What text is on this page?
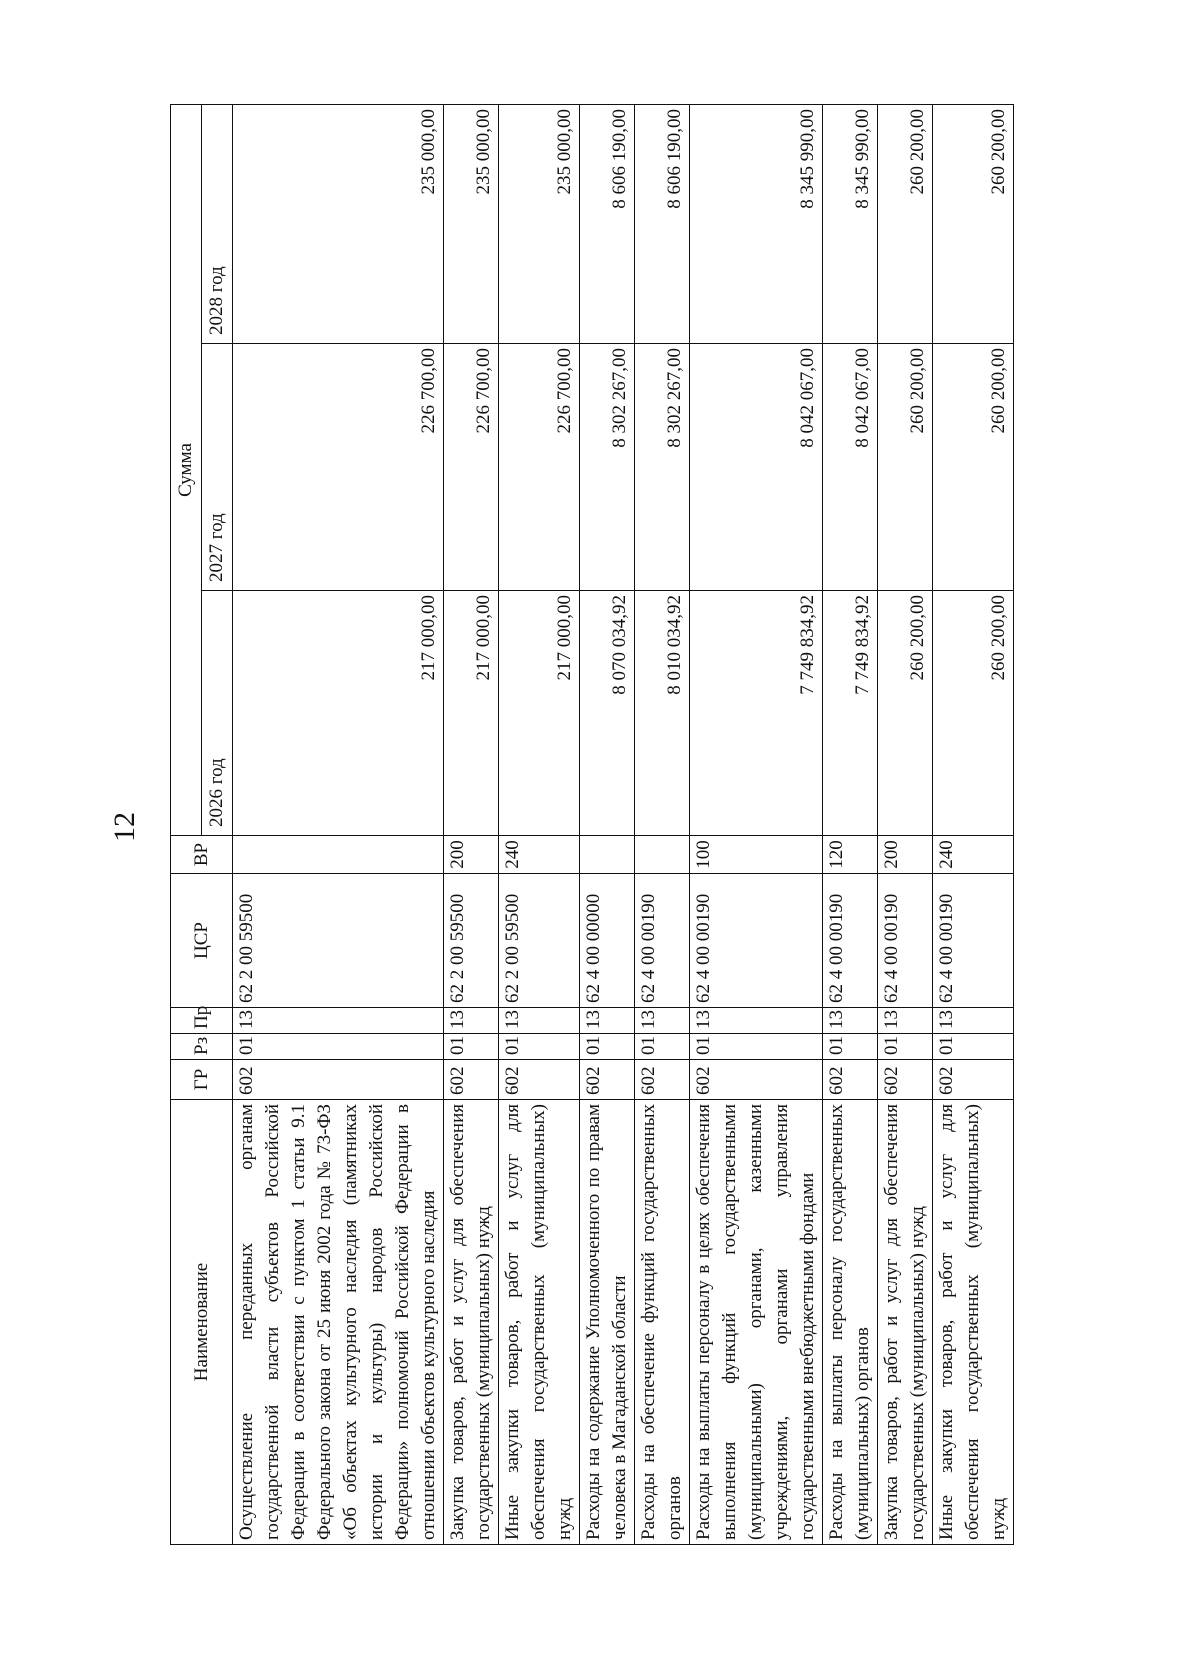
12
Наименование	ГР	Рз	Пр	ЦСР	ВР	Сумма		
						2026 год	2027 год	2028 год
Осуществление переданных органам государственной власти субъектов Российской Федерации в соответствии с пунктом 1 статьи 9.1 Федерального закона от 25 июня 2002 года № 73-ФЗ «Об объектах культурного наследия (памятниках истории и культуры) народов Российской Федерации» полномочий Российской Федерации в отношении объектов культурного наследия	602	01	13	62 2 00 59500		217 000,00	226 700,00	235 000,00
Закупка товаров, работ и услуг для обеспечения государственных (муниципальных) нужд	602	01	13	62 2 00 59500	200	217 000,00	226 700,00	235 000,00
Иные закупки товаров, работ и услуг для обеспечения государственных (муниципальных) нужд	602	01	13	62 2 00 59500	240	217 000,00	226 700,00	235 000,00
Расходы на содержание Уполномоченного по правам человека в Магаданской области	602	01	13	62 4 00 00000		8 070 034,92	8 302 267,00	8 606 190,00
Расходы на обеспечение функций государственных органов	602	01	13	62 4 00 00190		8 010 034,92	8 302 267,00	8 606 190,00
Расходы на выплаты персоналу в целях обеспечения выполнения функций государственными (муниципальными) органами, казенными учреждениями, органами управления государственными внебюджетными фондами	602	01	13	62 4 00 00190	100	7 749 834,92	8 042 067,00	8 345 990,00
Расходы на выплаты персоналу государственных (муниципальных) органов	602	01	13	62 4 00 00190	120	7 749 834,92	8 042 067,00	8 345 990,00
Закупка товаров, работ и услуг для обеспечения государственных (муниципальных) нужд	602	01	13	62 4 00 00190	200	260 200,00	260 200,00	260 200,00
Иные закупки товаров, работ и услуг для обеспечения государственных (муниципальных) нужд	602	01	13	62 4 00 00190	240	260 200,00	260 200,00	260 200,00
